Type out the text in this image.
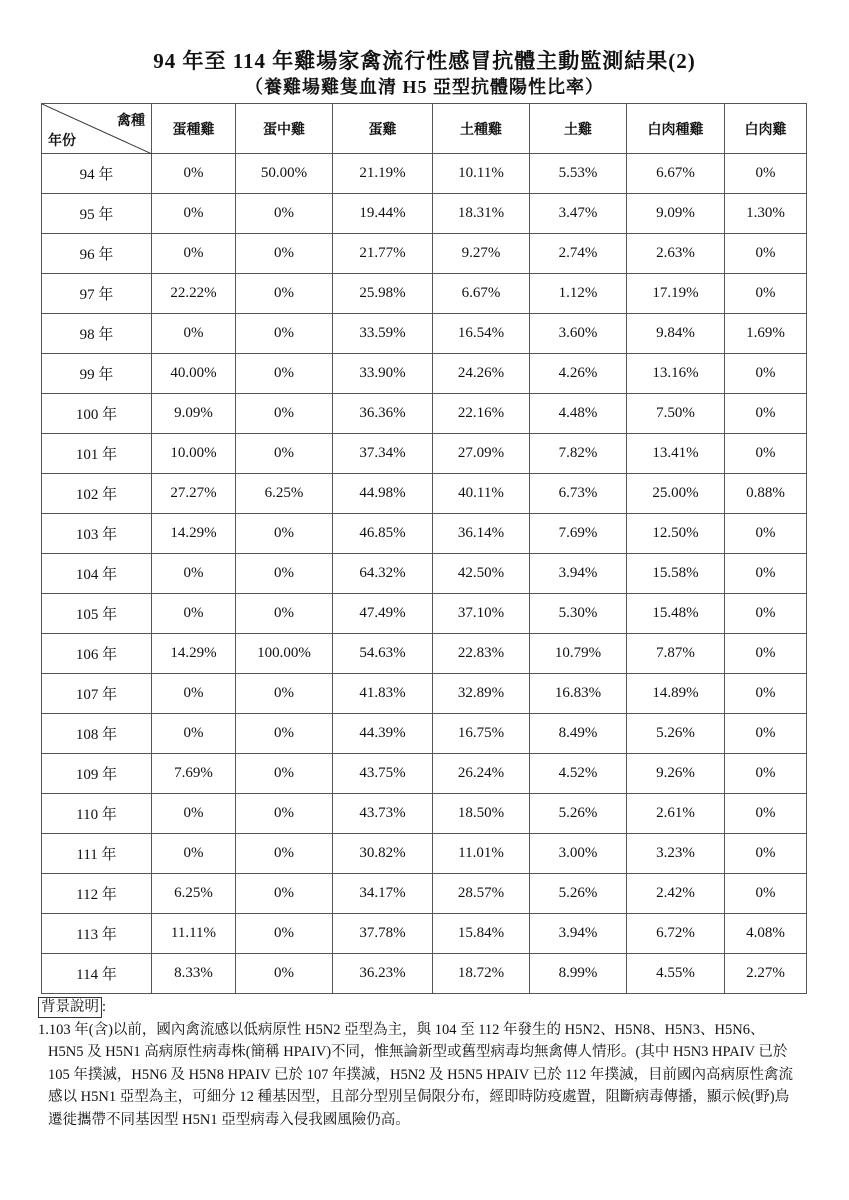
94 年至 114 年雞場家禽流行性感冒抗體主動監測結果(2)
（養雞場雞隻血清 H5 亞型抗體陽性比率）
禽種
年份	蛋種雞	蛋中雞	蛋雞	土種雞	土雞	白肉種雞	白肉雞
94 年	0%	50.00%	21.19%	10.11%	5.53%	6.67%	0%
95 年	0%	0%	19.44%	18.31%	3.47%	9.09%	1.30%
96 年	0%	0%	21.77%	9.27%	2.74%	2.63%	0%
97 年	22.22%	0%	25.98%	6.67%	1.12%	17.19%	0%
98 年	0%	0%	33.59%	16.54%	3.60%	9.84%	1.69%
99 年	40.00%	0%	33.90%	24.26%	4.26%	13.16%	0%
100 年	9.09%	0%	36.36%	22.16%	4.48%	7.50%	0%
101 年	10.00%	0%	37.34%	27.09%	7.82%	13.41%	0%
102 年	27.27%	6.25%	44.98%	40.11%	6.73%	25.00%	0.88%
103 年	14.29%	0%	46.85%	36.14%	7.69%	12.50%	0%
104 年	0%	0%	64.32%	42.50%	3.94%	15.58%	0%
105 年	0%	0%	47.49%	37.10%	5.30%	15.48%	0%
106 年	14.29%	100.00%	54.63%	22.83%	10.79%	7.87%	0%
107 年	0%	0%	41.83%	32.89%	16.83%	14.89%	0%
108 年	0%	0%	44.39%	16.75%	8.49%	5.26%	0%
109 年	7.69%	0%	43.75%	26.24%	4.52%	9.26%	0%
110 年	0%	0%	43.73%	18.50%	5.26%	2.61%	0%
111 年	0%	0%	30.82%	11.01%	3.00%	3.23%	0%
112 年	6.25%	0%	34.17%	28.57%	5.26%	2.42%	0%
113 年	11.11%	0%	37.78%	15.84%	3.94%	6.72%	4.08%
114 年	8.33%	0%	36.23%	18.72%	8.99%	4.55%	2.27%
背景說明 :

1.103 年(含)以前，國內禽流感以低病原性 H5N2 亞型為主，與 104 至 112 年發生的 H5N2、H5N8、H5N3、H5N6、H5N5 及 H5N1 高病原性病毒株(簡稱 HPAIV)不同，惟無論新型或舊型病毒均無禽傳人情形。(其中 H5N3 HPAIV 已於 105 年撲滅，H5N6 及 H5N8 HPAIV 已於 107 年撲滅，H5N2 及 H5N5 HPAIV 已於 112 年撲滅，目前國內高病原性禽流感以 H5N1 亞型為主，可細分 12 種基因型，且部分型別呈侷限分布，經即時防疫處置，阻斷病毒傳播，顯示候(野)鳥遷徙攜帶不同基因型 H5N1 亞型病毒入侵我國風險仍高。
